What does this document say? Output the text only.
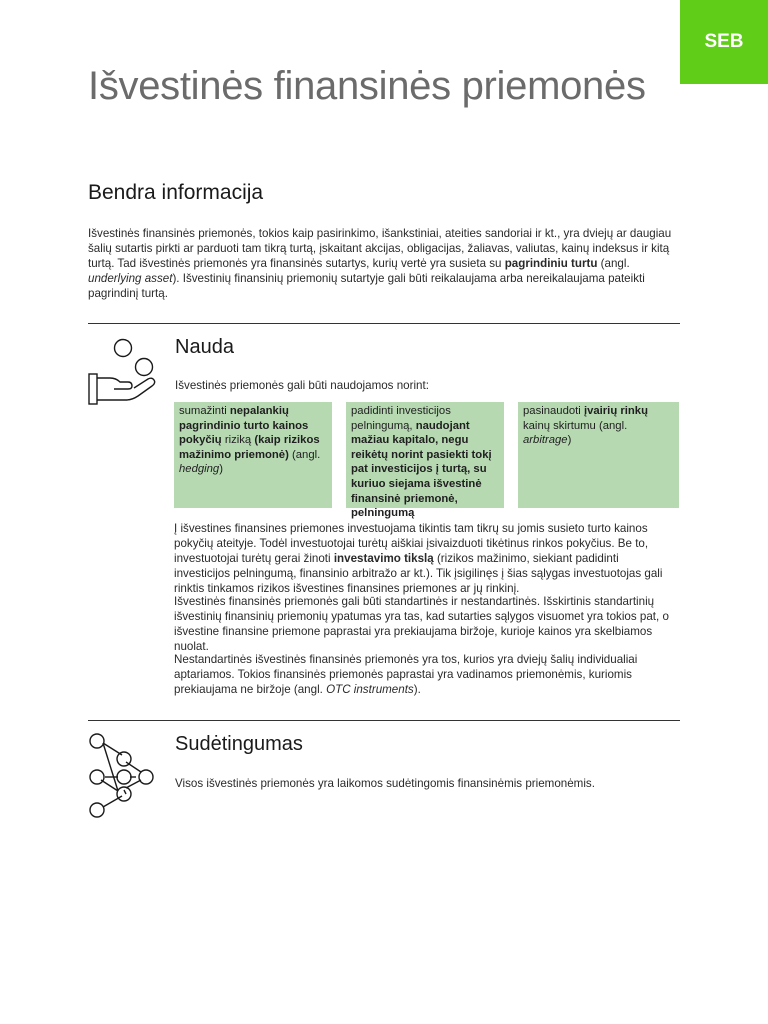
SEB
Išvestinės finansinės priemonės
Bendra informacija

Išvestinės finansinės priemonės, tokios kaip pasirinkimo, išankstiniai, ateities sandoriai ir kt., yra dviejų ar daugiau šalių sutartis pirkti ar parduoti tam tikrą turtą, įskaitant akcijas, obligacijas, žaliavas, valiutas, kainų indeksus ir kitą turtą. Tad išvestinės priemonės yra finansinės sutartys, kurių vertė yra susieta su pagrindiniu turtu (angl. underlying asset). Išvestinių finansinių priemonių sutartyje gali būti reikalaujama arba nereikalaujama pateikti pagrindinį turtą.

Nauda

Išvestinės priemonės gali būti naudojamos norint:

sumažinti nepalankių pagrindinio turto kainos pokyčių riziką (kaip rizikos mažinimo priemonė) (angl. hedging)
padidinti investicijos pelningumą, naudojant mažiau kapitalo, negu reikėtų norint pasiekti tokį pat investicijos į turtą, su kuriuo siejama išvestinė finansinė priemonė, pelningumą
pasinaudoti įvairių rinkų kainų skirtumu (angl. arbitrage)

Į išvestines finansines priemones investuojama tikintis tam tikrų su jomis susieto turto kainos pokyčių ateityje. Todėl investuotojai turėtų aiškiai įsivaizduoti tikėtinus rinkos pokyčius. Be to, investuotojai turėtų gerai žinoti investavimo tikslą (rizikos mažinimo, siekiant padidinti investicijos pelningumą, finansinio arbitražo ar kt.). Tik įsigilinęs į šias sąlygas investuotojas gali rinktis tinkamos rizikos išvestines finansines priemones ar jų rinkinį.

Išvestinės finansinės priemonės gali būti standartinės ir nestandartinės. Išskirtinis standartinių išvestinių finansinių priemonių ypatumas yra tas, kad sutarties sąlygos visuomet yra tokios pat, o išvestine finansine priemone paprastai yra prekiaujama biržoje, kurioje kainos yra skelbiamos nuolat.

Nestandartinės išvestinės finansinės priemonės yra tos, kurios yra dviejų šalių individualiai aptariamos. Tokios finansinės priemonės paprastai yra vadinamos priemonėmis, kuriomis prekiaujama ne biržoje (angl. OTC instruments).

Sudėtingumas

Visos išvestinės priemonės yra laikomos sudėtingomis finansinėmis priemonėmis.
